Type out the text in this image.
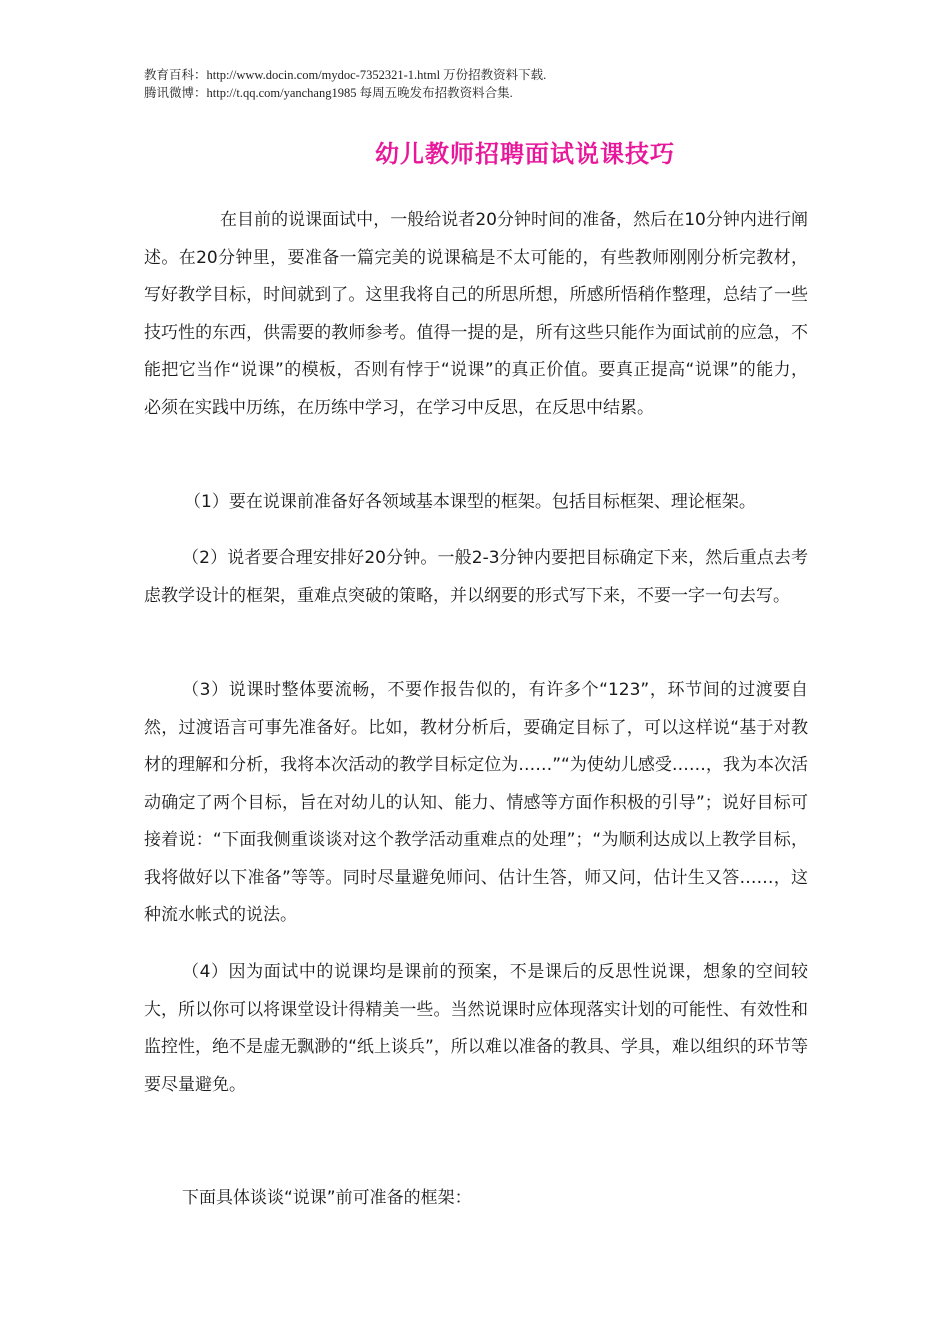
教育百科：http://www.docin.com/mydoc-7352321-1.html 万份招教资料下载.
腾讯微博：http://t.qq.com/yanchang1985 每周五晚发布招教资料合集.
幼儿教师招聘面试说课技巧

在目前的说课面试中，一般给说者20分钟时间的准备，然后在10分钟内进行阐述。在20分钟里，要准备一篇完美的说课稿是不太可能的，有些教师刚刚分析完教材，写好教学目标，时间就到了。这里我将自己的所思所想，所感所悟稍作整理，总结了一些技巧性的东西，供需要的教师参考。值得一提的是，所有这些只能作为面试前的应急，不能把它当作“说课”的模板，否则有悖于“说课”的真正价值。要真正提高“说课”的能力，必须在实践中历练，在历练中学习，在学习中反思，在反思中结累。

（1）要在说课前准备好各领域基本课型的框架。包括目标框架、理论框架。

（2）说者要合理安排好20分钟。一般2-3分钟内要把目标确定下来，然后重点去考虑教学设计的框架，重难点突破的策略，并以纲要的形式写下来，不要一字一句去写。

（3）说课时整体要流畅，不要作报告似的，有许多个“123”，环节间的过渡要自然，过渡语言可事先准备好。比如，教材分析后，要确定目标了，可以这样说“基于对教材的理解和分析，我将本次活动的教学目标定位为……”“为使幼儿感受……，我为本次活动确定了两个目标，旨在对幼儿的认知、能力、情感等方面作积极的引导”；说好目标可接着说：“下面我侧重谈谈对这个教学活动重难点的处理”；“为顺利达成以上教学目标，我将做好以下准备”等等。同时尽量避免师问、估计生答，师又问，估计生又答……，这种流水帐式的说法。

（4）因为面试中的说课均是课前的预案，不是课后的反思性说课，想象的空间较大，所以你可以将课堂设计得精美一些。当然说课时应体现落实计划的可能性、有效性和监控性，绝不是虚无飘渺的“纸上谈兵”，所以难以准备的教具、学具，难以组织的环节等要尽量避免。

下面具体谈谈“说课”前可准备的框架：
